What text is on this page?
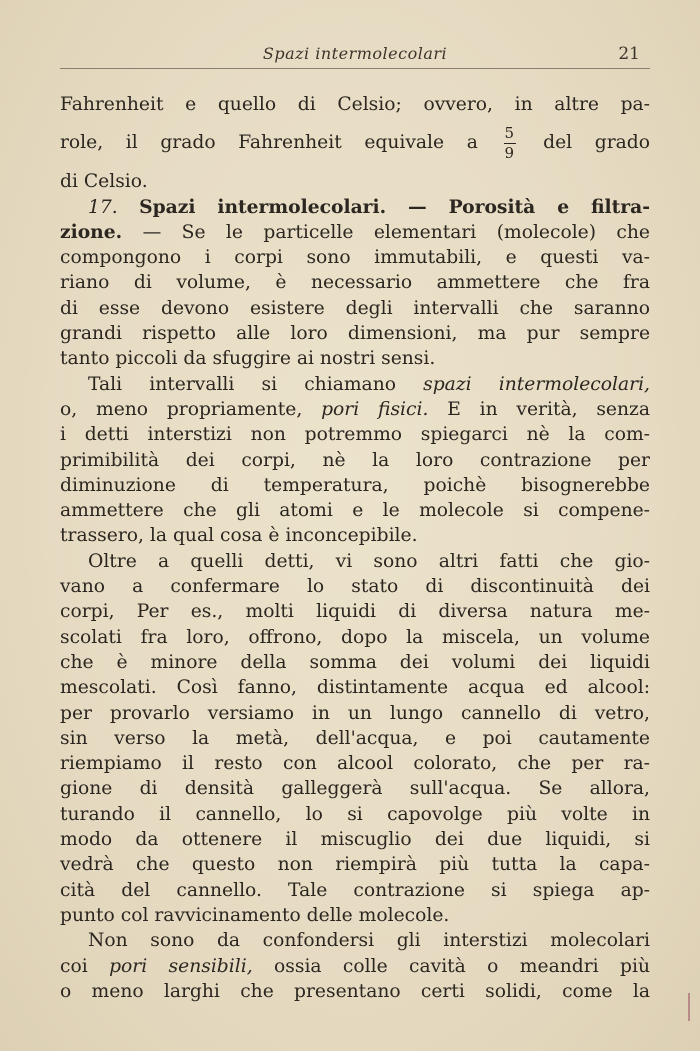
Spazi intermolecolari	21
Fahrenheit e quello di Celsio; ovvero, in altre pa-
role, il grado Fahrenheit equivale a $\frac{5}{9}$ del grado
di Celsio.
17. Spazi intermolecolari. — Porosità e filtra-
zione. — Se le particelle elementari (molecole) che
compongono i corpi sono immutabili, e questi va-
riano di volume, è necessario ammettere che fra
di esse devono esistere degli intervalli che saranno
grandi rispetto alle loro dimensioni, ma pur sempre
tanto piccoli da sfuggire ai nostri sensi.
Tali intervalli si chiamano spazi intermolecolari,
o, meno propriamente, pori fisici. E in verità, senza
i detti interstizi non potremmo spiegarci nè la com-
primibilità dei corpi, nè la loro contrazione per
diminuzione di temperatura, poichè bisognerebbe
ammettere che gli atomi e le molecole si compene-
trassero, la qual cosa è inconcepibile.
Oltre a quelli detti, vi sono altri fatti che gio-
vano a confermare lo stato di discontinuità dei
corpi, Per es., molti liquidi di diversa natura me-
scolati fra loro, offrono, dopo la miscela, un volume
che è minore della somma dei volumi dei liquidi
mescolati. Così fanno, distintamente acqua ed alcool:
per provarlo versiamo in un lungo cannello di vetro,
sin verso la metà, dell'acqua, e poi cautamente
riempiamo il resto con alcool colorato, che per ra-
gione di densità galleggerà sull'acqua. Se allora,
turando il cannello, lo si capovolge più volte in
modo da ottenere il miscuglio dei due liquidi, si
vedrà che questo non riempirà più tutta la capa-
cità del cannello. Tale contrazione si spiega ap-
punto col ravvicinamento delle molecole.
Non sono da confondersi gli interstizi molecolari
coi pori sensibili, ossia colle cavità o meandri più
o meno larghi che presentano certi solidi, come la
